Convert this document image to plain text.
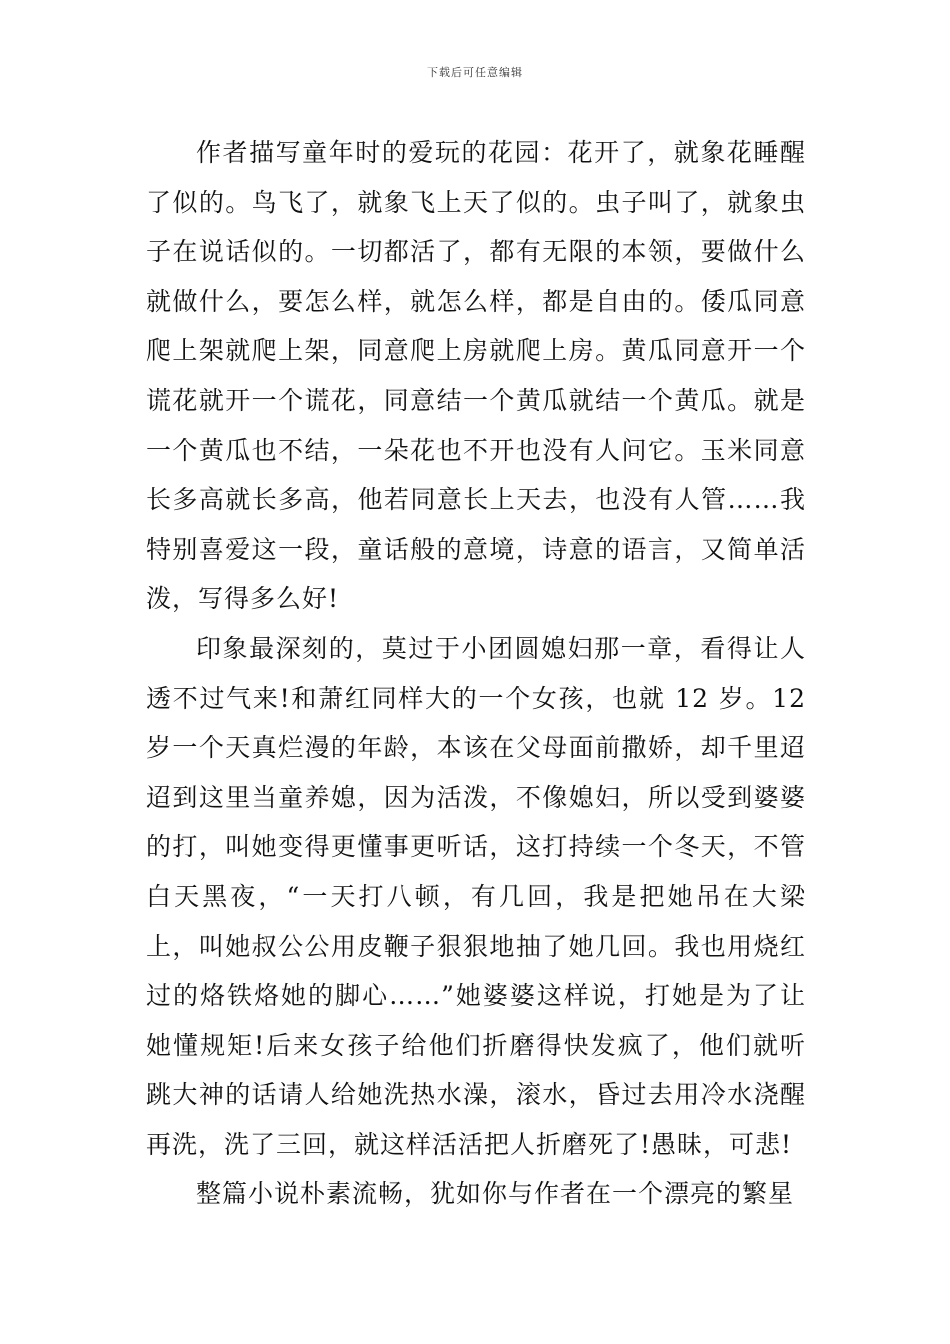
下载后可任意编辑

作者描写童年时的爱玩的花园：花开了，就象花睡醒了似的。鸟飞了，就象飞上天了似的。虫子叫了，就象虫子在说话似的。一切都活了，都有无限的本领，要做什么就做什么，要怎么样，就怎么样，都是自由的。倭瓜同意爬上架就爬上架，同意爬上房就爬上房。黄瓜同意开一个谎花就开一个谎花，同意结一个黄瓜就结一个黄瓜。就是一个黄瓜也不结，一朵花也不开也没有人问它。玉米同意长多高就长多高，他若同意长上天去，也没有人管……我特别喜爱这一段，童话般的意境，诗意的语言，又简单活泼，写得多么好!

印象最深刻的，莫过于小团圆媳妇那一章，看得让人透不过气来!和萧红同样大的一个女孩，也就 12 岁。12 岁一个天真烂漫的年龄，本该在父母面前撒娇，却千里迢迢到这里当童养媳，因为活泼，不像媳妇，所以受到婆婆的打，叫她变得更懂事更听话，这打持续一个冬天，不管白天黑夜，“一天打八顿，有几回，我是把她吊在大梁上，叫她叔公公用皮鞭子狠狠地抽了她几回。我也用烧红过的烙铁烙她的脚心……”她婆婆这样说，打她是为了让她懂规矩!后来女孩子给他们折磨得快发疯了，他们就听跳大神的话请人给她洗热水澡，滚水，昏过去用冷水浇醒再洗，洗了三回，就这样活活把人折磨死了!愚昧，可悲!

整篇小说朴素流畅，犹如你与作者在一个漂亮的繁星
